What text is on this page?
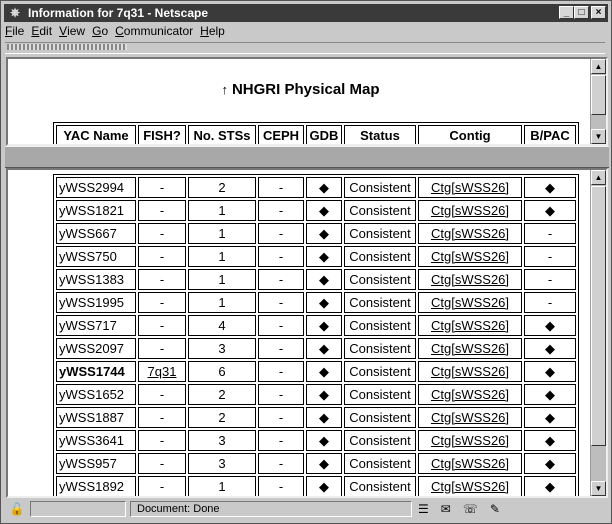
✵ Information for 7q31 - Netscape	_ □	×
File Edit View Go Communicator Help
↑ NHGRI Physical Map
YAC Name	FISH?	No. STSs	CEPH	GDB	Status	Contig	B/PAC
▲
▼
yWSS2994	-	2	-	◆	Consistent	Ctg[sWSS26]	◆
yWSS1821	-	1	-	◆	Consistent	Ctg[sWSS26]	◆
yWSS667	-	1	-	◆	Consistent	Ctg[sWSS26]	-
yWSS750	-	1	-	◆	Consistent	Ctg[sWSS26]	-
yWSS1383	-	1	-	◆	Consistent	Ctg[sWSS26]	-
yWSS1995	-	1	-	◆	Consistent	Ctg[sWSS26]	-
yWSS717	-	4	-	◆	Consistent	Ctg[sWSS26]	◆
yWSS2097	-	3	-	◆	Consistent	Ctg[sWSS26]	◆
yWSS1744	7q31	6	-	◆	Consistent	Ctg[sWSS26]	◆
yWSS1652	-	2	-	◆	Consistent	Ctg[sWSS26]	◆
yWSS1887	-	2	-	◆	Consistent	Ctg[sWSS26]	◆
yWSS3641	-	3	-	◆	Consistent	Ctg[sWSS26]	◆
yWSS957	-	3	-	◆	Consistent	Ctg[sWSS26]	◆
yWSS1892	-	1	-	◆	Consistent	Ctg[sWSS26]	◆
▲
▼
🔓	Document: Done	☰✉☏✎
